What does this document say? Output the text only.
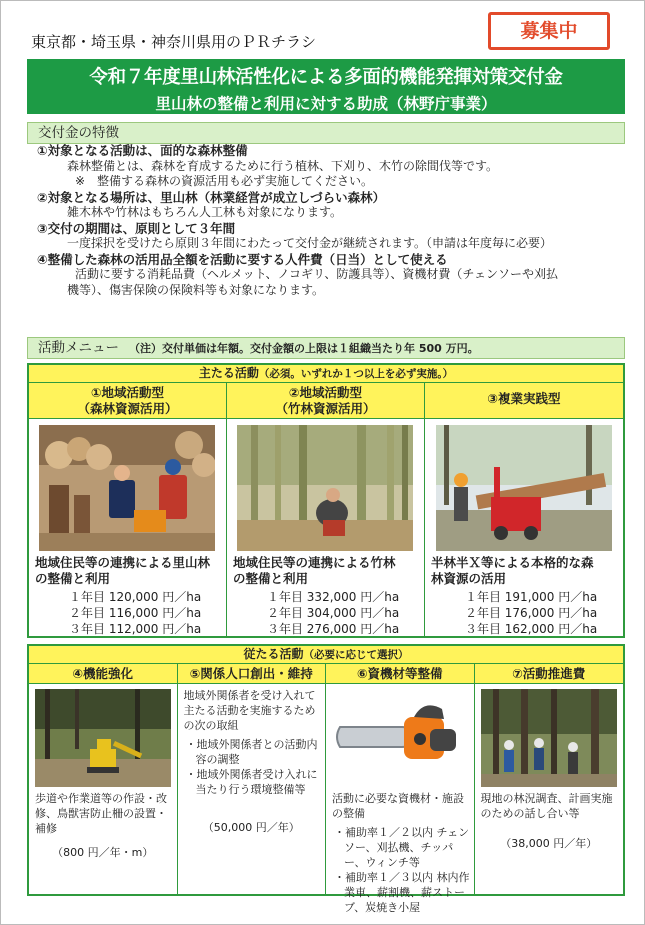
東京都・埼玉県・神奈川県用のＰＲチラシ	募集中
令和７年度里山林活性化による多面的機能発揮対策交付金
里山林の整備と利用に対する助成（林野庁事業）
交付金の特徴
①対象となる活動は、面的な森林整備
森林整備とは、森林を育成するために行う植林、下刈り、木竹の除間伐等です。
※　整備する森林の資源活用も必ず実施してください。
②対象となる場所は、里山林（林業経営が成立しづらい森林）
雑木林や竹林はもちろん人工林も対象になります。
③交付の期間は、原則として３年間
一度採択を受けたら原則３年間にわたって交付金が継続されます。（申請は年度毎に必要）
④整備した森林の活用品全額を活動に要する人件費（日当）として使える
活動に要する消耗品費（ヘルメット、ノコギリ、防護具等）、資機材費（チェンソーや刈払
機等）、傷害保険の保険料等も対象になります。
活動メニュー （注）交付単価は年額。交付金額の上限は１組織当たり年 500 万円。
主たる活動（必須。いずれか１つ以上を必ず実施。）
①地域活動型
（森林資源活用）
地域住民等の連携による里山林
の整備と利用
１年目 120,000 円／ha
２年目 116,000 円／ha
３年目 112,000 円／ha
②地域活動型
（竹林資源活用）
地域住民等の連携による竹林
の整備と利用
１年目 332,000 円／ha
２年目 304,000 円／ha
３年目 276,000 円／ha
③複業実践型
半林半Ｘ等による本格的な森
林資源の活用
１年目 191,000 円／ha
２年目 176,000 円／ha
３年目 162,000 円／ha
従たる活動（必要に応じて選択）
④機能強化
歩道や作業道等の作設・改修、鳥獣害防止柵の設置・補修
（800 円／年・m）
⑤関係人口創出・維持
地域外関係者を受け入れて主たる活動を実施するための次の取組
・地域外関係者との活動内容の調整
・地域外関係者受け入れに当たり行う環境整備等
（50,000 円／年）
⑥資機材等整備
活動に必要な資機材・施設の整備
・補助率１／２以内 チェンソー、刈払機、チッパー、ウィンチ等
・補助率１／３以内 林内作業車、薪割機、薪ストーブ、炭焼き小屋
⑦活動推進費
現地の林況調査、計画実施のための話し合い等
（38,000 円／年）
